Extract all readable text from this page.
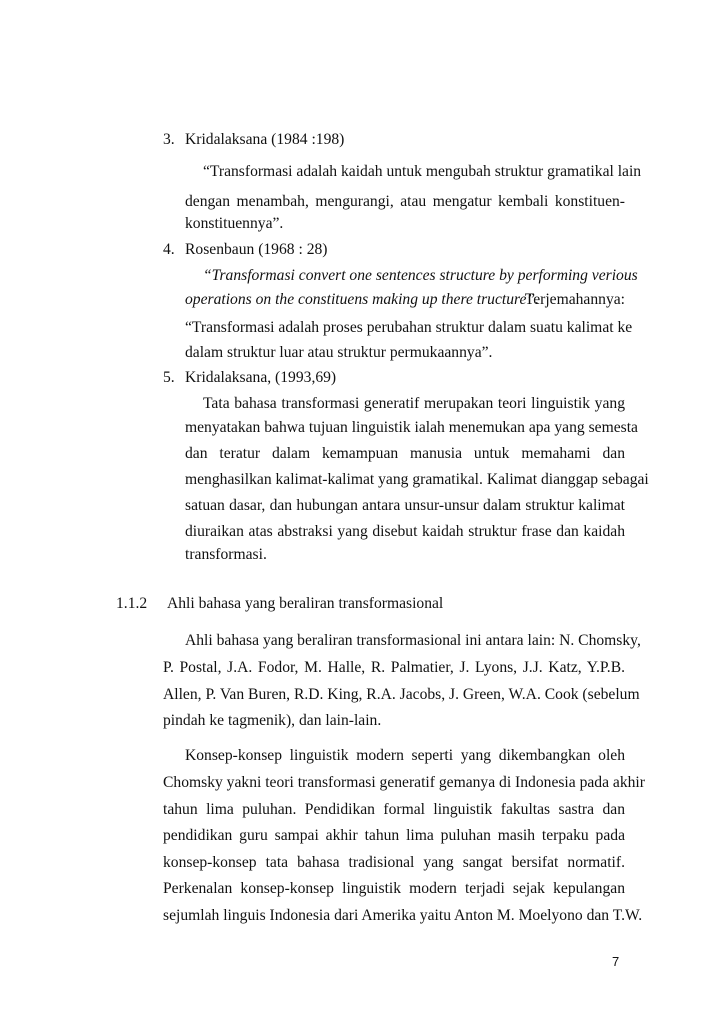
3. Kridalaksana (1984 :198)
“Transformasi adalah kaidah untuk mengubah struktur gramatikal lain
dengan menambah, mengurangi, atau mengatur kembali konstituen-
konstituennya”.
4. Rosenbaun (1968 : 28)
“Transformasi convert one sentences structure by performing verious
operations on the constituens making up there tructure”.
Terjemahannya:
“Transformasi adalah proses perubahan struktur dalam suatu kalimat ke
dalam struktur luar atau struktur permukaannya”.
5. Kridalaksana, (1993,69)
Tata bahasa transformasi generatif merupakan teori linguistik yang
menyatakan bahwa tujuan linguistik ialah menemukan apa yang semesta
dan teratur dalam kemampuan manusia untuk memahami dan
menghasilkan kalimat-kalimat yang gramatikal. Kalimat dianggap sebagai
satuan dasar, dan hubungan antara unsur-unsur dalam struktur kalimat
diuraikan atas abstraksi yang disebut kaidah struktur frase dan kaidah
transformasi.
1.1.2 Ahli bahasa yang beraliran transformasional
Ahli bahasa yang beraliran transformasional ini antara lain: N. Chomsky,
P. Postal, J.A. Fodor, M. Halle, R. Palmatier, J. Lyons, J.J. Katz, Y.P.B.
Allen, P. Van Buren, R.D. King, R.A. Jacobs, J. Green, W.A. Cook (sebelum
pindah ke tagmenik), dan lain-lain.
Konsep-konsep linguistik modern seperti yang dikembangkan oleh
Chomsky yakni teori transformasi generatif gemanya di Indonesia pada akhir
tahun lima puluhan. Pendidikan formal linguistik fakultas sastra dan
pendidikan guru sampai akhir tahun lima puluhan masih terpaku pada
konsep-konsep tata bahasa tradisional yang sangat bersifat normatif.
Perkenalan konsep-konsep linguistik modern terjadi sejak kepulangan
sejumlah linguis Indonesia dari Amerika yaitu Anton M. Moelyono dan T.W.
7
